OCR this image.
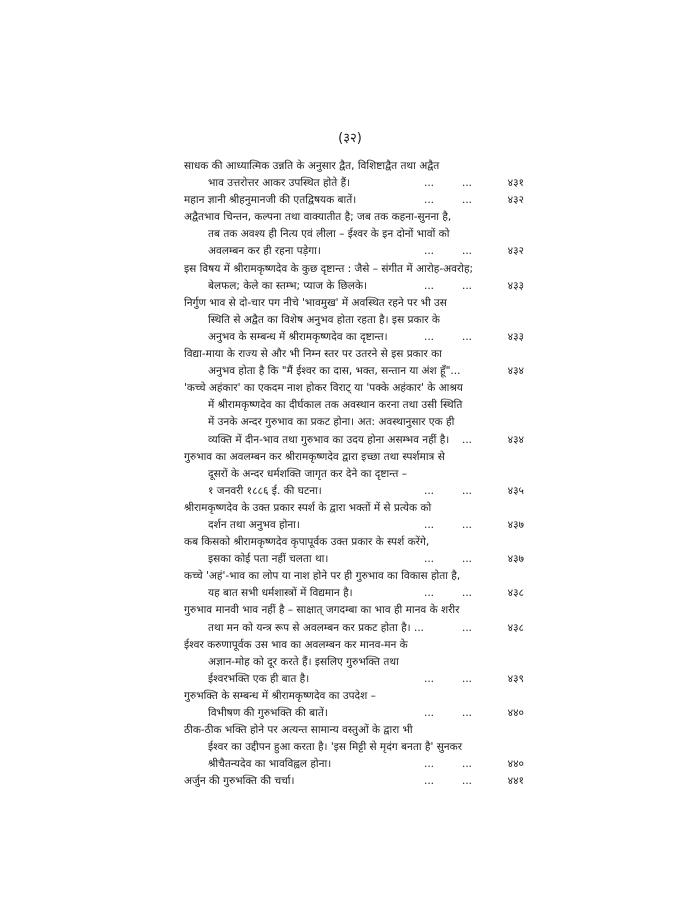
(३२)
साधक की आध्यात्मिक उन्नति के अनुसार द्वैत, विशिष्टाद्वैत तथा अद्वैत
भाव उत्तरोत्तर आकर उपस्थित होते हैं।	...	...	४३१
महान ज्ञानी श्रीहनुमानजी की एतद्विषयक बातें।	...	...	४३२
अद्वैतभाव चिन्तन, कल्पना तथा वाक्यातीत है; जब तक कहना-सुनना है,
तब तक अवश्य ही नित्य एवं लीला – ईश्वर के इन दोनों भावों को
अवलम्बन कर ही रहना पड़ेगा।	...	...	४३२
इस विषय में श्रीरामकृष्णदेव के कुछ दृष्टान्त : जैसे – संगीत में आरोह-अवरोह;
बेलफल; केले का स्तम्भ; प्याज के छिलके।	...	...	४३३
निर्गुण भाव से दो-चार पग नीचे 'भावमुख' में अवस्थित रहने पर भी उस
स्थिति से अद्वैत का विशेष अनुभव होता रहता है। इस प्रकार के
अनुभव के सम्बन्ध में श्रीरामकृष्णदेव का दृष्टान्त।	...	...	४३३
विद्या-माया के राज्य से और भी निम्न स्तर पर उतरने से इस प्रकार का
अनुभव होता है कि "मैं ईश्वर का दास, भक्त, सन्तान या अंश हूँ"...	४३४
'कच्चे अहंकार' का एकदम नाश होकर विराट् या 'पक्के अहंकार' के आश्रय
में श्रीरामकृष्णदेव का दीर्घकाल तक अवस्थान करना तथा उसी स्थिति
में उनके अन्दर गुरुभाव का प्रकट होना। अत: अवस्थानुसार एक ही
व्यक्ति में दीन-भाव तथा गुरुभाव का उदय होना असम्भव नहीं है। ...	४३४
गुरुभाव का अवलम्बन कर श्रीरामकृष्णदेव द्वारा इच्छा तथा स्पर्शमात्र से
दूसरों के अन्दर धर्मशक्ति जागृत कर देने का दृष्टान्त –
१ जनवरी १८८६ ई. की घटना।	...	...	४३५
श्रीरामकृष्णदेव के उक्त प्रकार स्पर्श के द्वारा भक्तों में से प्रत्येक को
दर्शन तथा अनुभव होना।	...	...	४३७
कब किसको श्रीरामकृष्णदेव कृपापूर्वक उक्त प्रकार के स्पर्श करेंगे,
इसका कोई पता नहीं चलता था।	...	...	४३७
कच्चे 'अहं'-भाव का लोप या नाश होने पर ही गुरुभाव का विकास होता है,
यह बात सभी धर्मशास्त्रों में विद्यमान है।	...	...	४३८
गुरुभाव मानवी भाव नहीं है – साक्षात् जगदम्बा का भाव ही मानव के शरीर
तथा मन को यन्त्र रूप से अवलम्बन कर प्रकट होता है। ...	...	४३८
ईश्वर करुणापूर्वक उस भाव का अवलम्बन कर मानव-मन के
अज्ञान-मोह को दूर करते हैं। इसलिए गुरुभक्ति तथा
ईश्वरभक्ति एक ही बात है।	...	...	४३९
गुरुभक्ति के सम्बन्ध में श्रीरामकृष्णदेव का उपदेश –
विभीषण की गुरुभक्ति की बातें।	...	...	४४०
ठीक-ठीक भक्ति होने पर अत्यन्त सामान्य वस्तुओं के द्वारा भी
ईश्वर का उद्दीपन हुआ करता है। 'इस मिट्टी से मृदंग बनता है' सुनकर
श्रीचैतन्यदेव का भावविह्वल होना।	...	...	४४०
अर्जुन की गुरुभक्ति की चर्चा।	...	...	४४१
